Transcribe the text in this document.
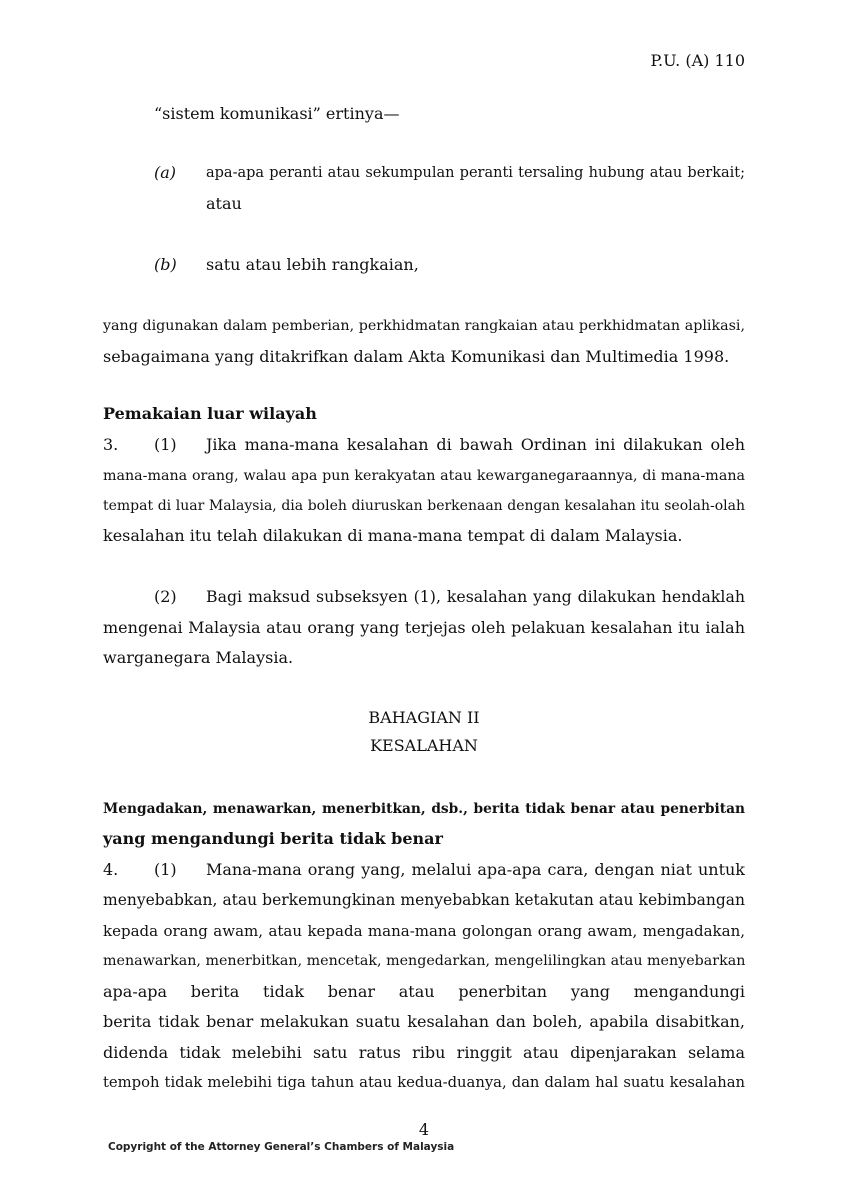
P.U. (A) 110
“sistem komunikasi” ertinya—
(a) apa-apa peranti atau sekumpulan peranti tersaling hubung atau berkait;
atau
(b) satu atau lebih rangkaian,
yang digunakan dalam pemberian, perkhidmatan rangkaian atau perkhidmatan aplikasi,
sebagaimana yang ditakrifkan dalam Akta Komunikasi dan Multimedia 1998.
Pemakaian luar wilayah
3. (1) Jika mana-mana kesalahan di bawah Ordinan ini dilakukan oleh
mana-mana orang, walau apa pun kerakyatan atau kewarganegaraannya, di mana-mana
tempat di luar Malaysia, dia boleh diuruskan berkenaan dengan kesalahan itu seolah-olah
kesalahan itu telah dilakukan di mana-mana tempat di dalam Malaysia.
(2) Bagi maksud subseksyen (1), kesalahan yang dilakukan hendaklah
mengenai Malaysia atau orang yang terjejas oleh pelakuan kesalahan itu ialah
warganegara Malaysia.
BAHAGIAN II
KESALAHAN
Mengadakan, menawarkan, menerbitkan, dsb., berita tidak benar atau penerbitan
yang mengandungi berita tidak benar
4. (1) Mana-mana orang yang, melalui apa-apa cara, dengan niat untuk
menyebabkan, atau berkemungkinan menyebabkan ketakutan atau kebimbangan
kepada orang awam, atau kepada mana-mana golongan orang awam, mengadakan,
menawarkan, menerbitkan, mencetak, mengedarkan, mengelilingkan atau menyebarkan
apa-apa berita tidak benar atau penerbitan yang mengandungi
berita tidak benar melakukan suatu kesalahan dan boleh, apabila disabitkan,
didenda tidak melebihi satu ratus ribu ringgit atau dipenjarakan selama
tempoh tidak melebihi tiga tahun atau kedua-duanya, dan dalam hal suatu kesalahan
4
Copyright of the Attorney General’s Chambers of Malaysia
